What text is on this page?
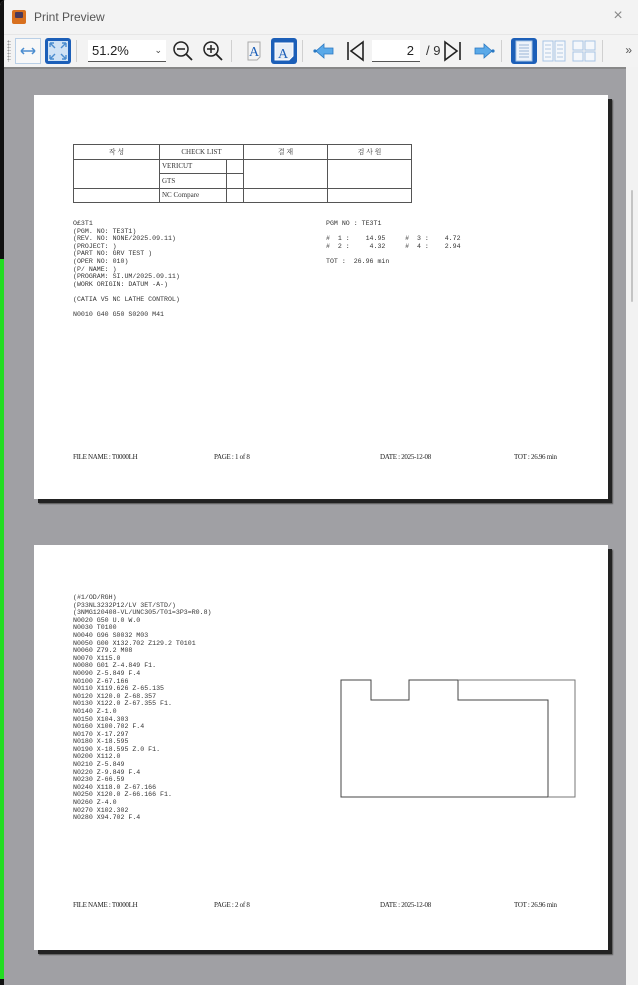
Print Preview	×
51.2%	⌄	A A	2 / 9	»
작 성	CHECK LIST		결 재	검 사 원
	VERICUT			
	GTS			
	NC Compare			
O£3T1
(PGM. NO: TE3T1)
(REV. NO: NONE/2025.09.11)
(PROJECT: )
(PART NO: GRV TEST )
(OPER NO: 010)
(P/ NAME: )
(PROGRAM: SI.UM/2025.09.11)
(WORK ORIGIN: DATUM -A-)

(CATIA V5 NC LATHE CONTROL)

N0010 G40 G50 S0200 M41
PGM NO : TE3T1

#  1 :    14.95     #  3 :    4.72
#  2 :     4.32     #  4 :    2.94

TOT :  26.96 min
FILE NAME : T0000LH	PAGE : 1 of 8	DATE : 2025-12-08	TOT : 26.96 min
(#1/OD/RGH)
(P33NL3232P12/LV 3ET/STD/)
(3NMG120408-VL/UNC305/T01=3P3=R0.8)
N0020 G50 U.0 W.0
N0030 T0100
N0040 G96 S0032 M03
N0050 G00 X132.702 Z129.2 T0101
N0060 Z79.2 M08
N0070 X115.0
N0080 G01 Z-4.849 F1.
N0090 Z-5.849 F.4
N0100 Z-67.166
N0110 X119.626 Z-65.135
N0120 X120.0 Z-68.357
N0130 X122.0 Z-67.355 F1.
N0140 Z-1.0
N0150 X104.303
N0160 X100.702 F.4
N0170 X-17.297
N0180 X-18.595
N0190 X-18.595 Z.0 F1.
N0200 X112.0
N0210 Z-5.849
N0220 Z-9.849 F.4
N0230 Z-66.59
N0240 X118.0 Z-67.166
N0250 X120.0 Z-66.166 F1.
N0260 Z-4.0
N0270 X102.302
N0280 X94.702 F.4
FILE NAME : T0000LH	PAGE : 2 of 8	DATE : 2025-12-08	TOT : 26.96 min
